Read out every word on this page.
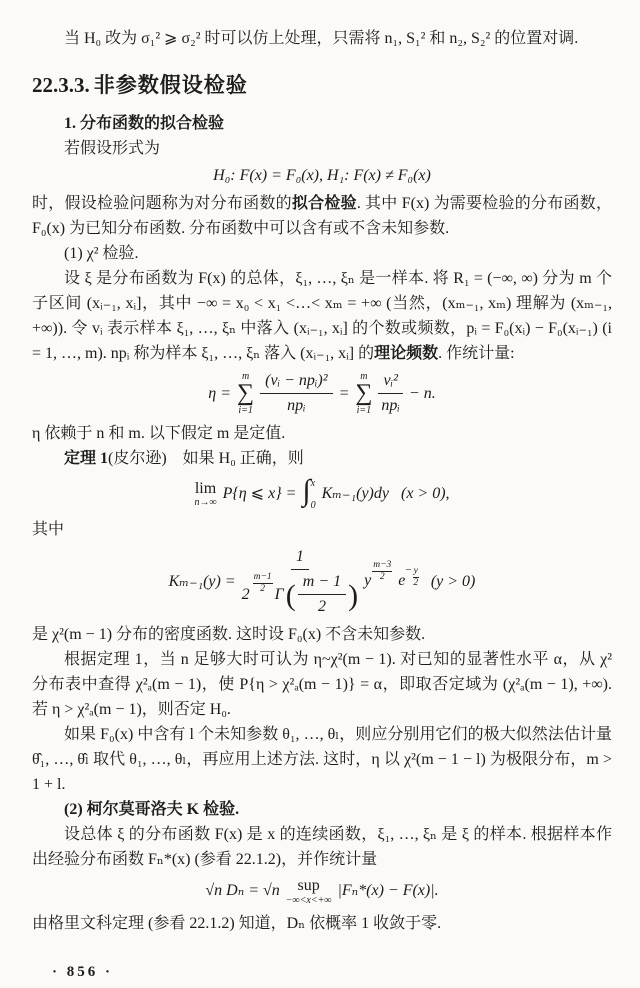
当 H₀ 改为 σ₁² ⩾ σ₂² 时可以仿上处理，只需将 n₁, S₁² 和 n₂, S₂² 的位置对调.

22.3.3. 非参数假设检验

1. 分布函数的拟合检验

若假设形式为

H₀: F(x) = F₀(x), H₁: F(x) ≠ F₀(x)

时，假设检验问题称为对分布函数的拟合检验. 其中 F(x) 为需要检验的分布函数，F₀(x) 为已知分布函数. 分布函数中可以含有或不含未知参数.

(1) χ² 检验.

设 ξ 是分布函数为 F(x) 的总体，ξ₁, …, ξₙ 是一样本. 将 R₁ = (−∞, ∞) 分为 m 个子区间 (xᵢ₋₁, xᵢ]，其中 −∞ = x₀ < x₁ <…< xₘ = +∞ (当然，(xₘ₋₁, xₘ) 理解为 (xₘ₋₁, +∞)). 令 vᵢ 表示样本 ξ₁, …, ξₙ 中落入 (xᵢ₋₁, xᵢ] 的个数或频数，pᵢ = F₀(xᵢ) − F₀(xᵢ₋₁) (i = 1, …, m). npᵢ 称为样本 ξ₁, …, ξₙ 落入 (xᵢ₋₁, xᵢ] 的理论频数. 作统计量:

η =
m
∑
$i=1 \frac{\text{(vᵢ − npᵢ)²}}{\text{npᵢ}}$ =
m
∑
$i=1 \frac{\text{vᵢ²}}{\text{npᵢ}} - n$.

η 依赖于 n 和 m. 以下假定 m 是定值.

定理 1(皮尔逊)　如果 H₀ 正确，则

lim
n→∞
P{η ⩽ x} = ∫ x
0
Kₘ₋₁(y)dy (x > 0),

其中

Kₘ₋₁(y) = 1
2
m−1
2 Γ ( $\frac{m - 1}{2}$ ) y
m−3
2 e
− $\frac{y}{2} (y > 0)$

是 χ²(m − 1) 分布的密度函数. 这时设 F₀(x) 不含未知参数.

根据定理 1，当 n 足够大时可认为 η~χ²(m − 1). 对已知的显著性水平 α，从 χ² 分布表中查得 χ²ₐ(m − 1)，使 P{η > χ²ₐ(m − 1)} = α，即取否定域为 (χ²ₐ(m − 1), +∞). 若 η > χ²ₐ(m − 1)，则否定 H₀.

如果 F₀(x) 中含有 l 个未知参数 θ₁, …, θₗ，则应分别用它们的极大似然法估计量 θ̂₁, …, θ̂ₗ 取代 θ₁, …, θₗ，再应用上述方法. 这时，η 以 χ²(m − 1 − l) 为极限分布，m > 1 + l.

(2) 柯尔莫哥洛夫 K 检验.

设总体 ξ 的分布函数 F(x) 是 x 的连续函数，ξ₁, …, ξₙ 是 ξ 的样本. 根据样本作出经验分布函数 Fₙ*(x) (参看 22.1.2)，并作统计量

√n Dₙ = √n sup
−∞<x<+∞
|Fₙ*(x) − F(x)|.

由格里文科定理 (参看 22.1.2) 知道，Dₙ 依概率 1 收敛于零.

· 856 ·
